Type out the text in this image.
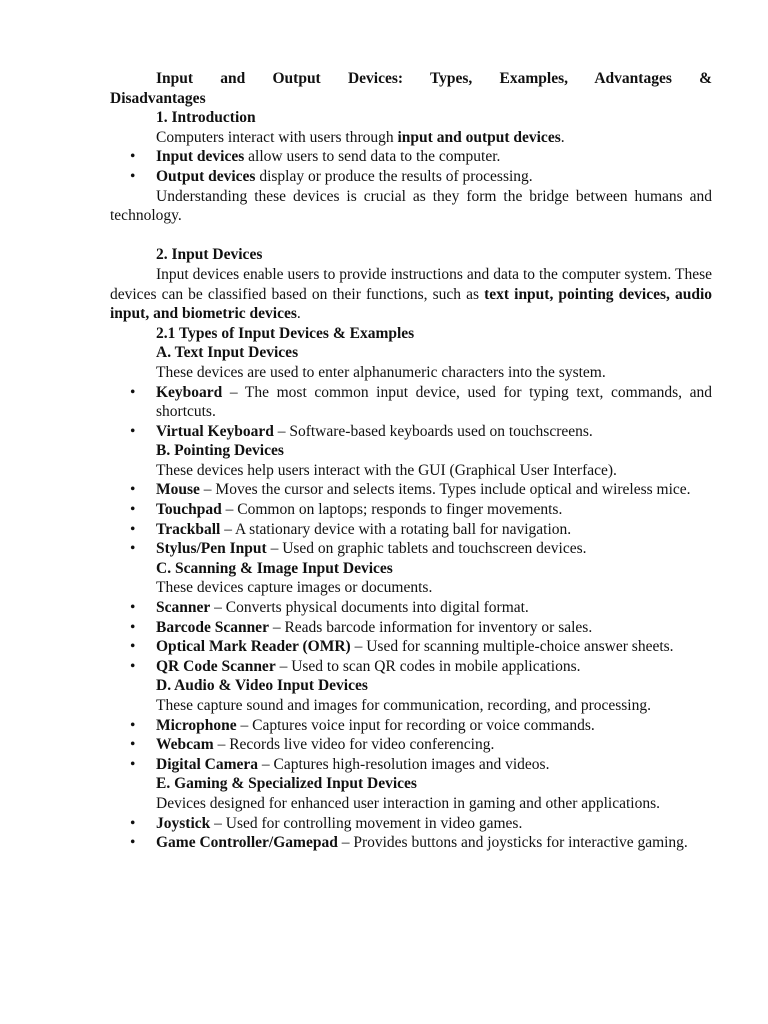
Input and Output Devices: Types, Examples, Advantages &
Disadvantages
1. Introduction

Computers interact with users through input and output devices.

• Input devices allow users to send data to the computer.
• Output devices display or produce the results of processing.

Understanding these devices is crucial as they form the bridge between humans and technology.

2. Input Devices

Input devices enable users to provide instructions and data to the computer system. These devices can be classified based on their functions, such as text input, pointing devices, audio input, and biometric devices.

2.1 Types of Input Devices & Examples
A. Text Input Devices

These devices are used to enter alphanumeric characters into the system.

• Keyboard – The most common input device, used for typing text, commands, and shortcuts.
• Virtual Keyboard – Software-based keyboards used on touchscreens.
B. Pointing Devices

These devices help users interact with the GUI (Graphical User Interface).

• Mouse – Moves the cursor and selects items. Types include optical and wireless mice.
• Touchpad – Common on laptops; responds to finger movements.
• Trackball – A stationary device with a rotating ball for navigation.
• Stylus/Pen Input – Used on graphic tablets and touchscreen devices.
C. Scanning & Image Input Devices

These devices capture images or documents.

• Scanner – Converts physical documents into digital format.
• Barcode Scanner – Reads barcode information for inventory or sales.
• Optical Mark Reader (OMR) – Used for scanning multiple-choice answer sheets.
• QR Code Scanner – Used to scan QR codes in mobile applications.
D. Audio & Video Input Devices

These capture sound and images for communication, recording, and processing.

• Microphone – Captures voice input for recording or voice commands.
• Webcam – Records live video for video conferencing.
• Digital Camera – Captures high-resolution images and videos.
E. Gaming & Specialized Input Devices

Devices designed for enhanced user interaction in gaming and other applications.

• Joystick – Used for controlling movement in video games.
• Game Controller/Gamepad – Provides buttons and joysticks for interactive gaming.
